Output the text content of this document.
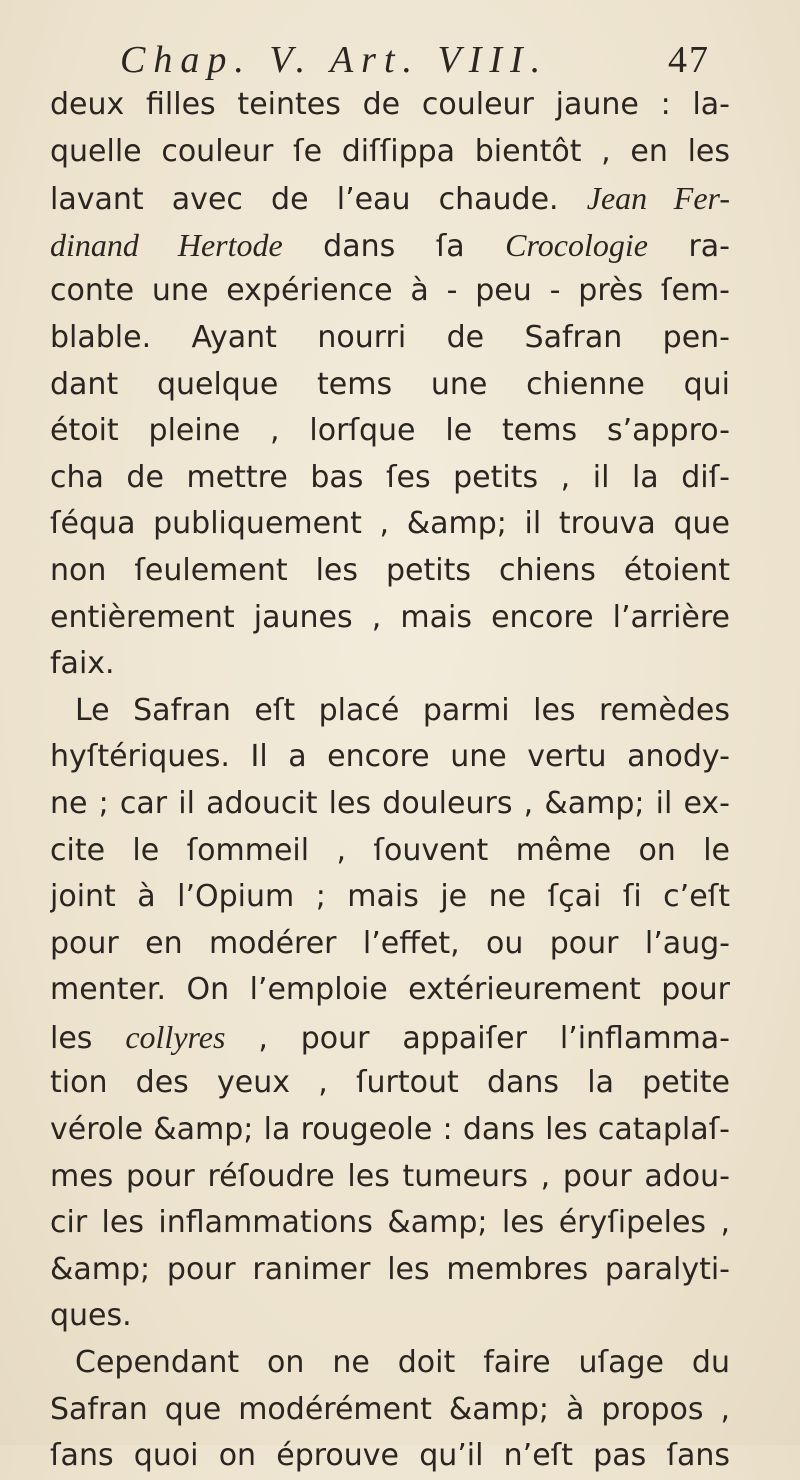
Chap. V. Art. VIII.	47
deux filles teintes de couleur jaune : la-
quelle couleur ſe diſſippa bientôt , en les
lavant avec de l’eau chaude. Jean Fer-
dinand Hertode dans ſa Crocologie ra-
conte une expérience à - peu - près ſem-
blable. Ayant nourri de Safran pen-
dant quelque tems une chienne qui
étoit pleine , lorſque le tems s’appro-
cha de mettre bas ſes petits , il la diſ-
ſéqua publiquement , &amp; il trouva que
non ſeulement les petits chiens étoient
entièrement jaunes , mais encore l’arrière
faix.
Le Safran eſt placé parmi les remèdes
hyſtériques. Il a encore une vertu anody-
ne ; car il adoucit les douleurs , &amp; il ex-
cite le ſommeil , ſouvent même on le
joint à l’Opium ; mais je ne ſçai ſi c’eſt
pour en modérer l’effet, ou pour l’aug-
menter. On l’emploie extérieurement pour
les collyres , pour appaiſer l’inflamma-
tion des yeux , ſurtout dans la petite
vérole &amp; la rougeole : dans les cataplaſ-
mes pour réſoudre les tumeurs , pour adou-
cir les inflammations &amp; les éryſipeles ,
&amp; pour ranimer les membres paralyti-
ques.
Cependant on ne doit faire uſage du
Safran que modérément &amp; à propos ,
ſans quoi on éprouve qu’il n’eſt pas ſans
